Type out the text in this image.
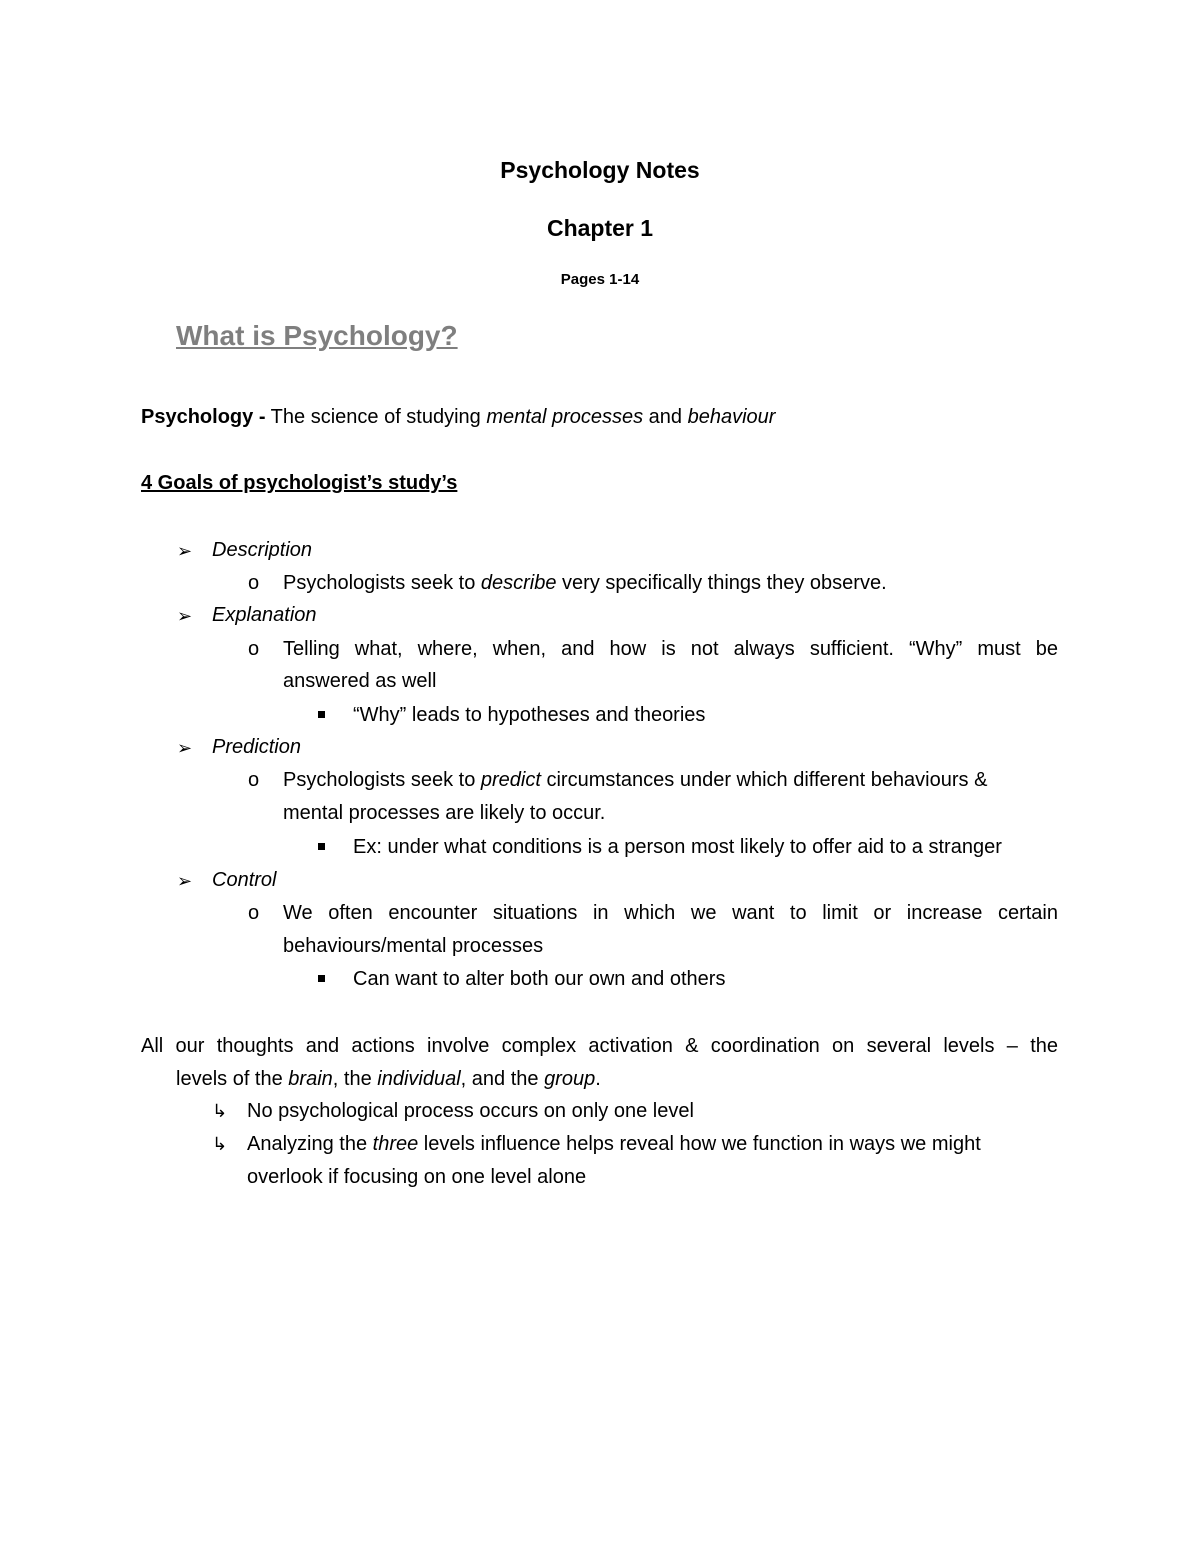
Psychology Notes
Chapter 1
Pages 1-14
What is Psychology?
Psychology - The science of studying mental processes and behaviour
4 Goals of psychologist’s study’s
➢ Description
o Psychologists seek to describe very specifically things they observe.
➢ Explanation
o Telling what, where, when, and how is not always sufficient. “Why” must be
answered as well
“Why” leads to hypotheses and theories
➢ Prediction
o Psychologists seek to predict circumstances under which different behaviours &
mental processes are likely to occur.
Ex: under what conditions is a person most likely to offer aid to a stranger
➢ Control
o We often encounter situations in which we want to limit or increase certain
behaviours/mental processes
Can want to alter both our own and others
All our thoughts and actions involve complex activation & coordination on several levels – the
levels of the brain, the individual, and the group.
↳ No psychological process occurs on only one level
↳ Analyzing the three levels influence helps reveal how we function in ways we might
overlook if focusing on one level alone
